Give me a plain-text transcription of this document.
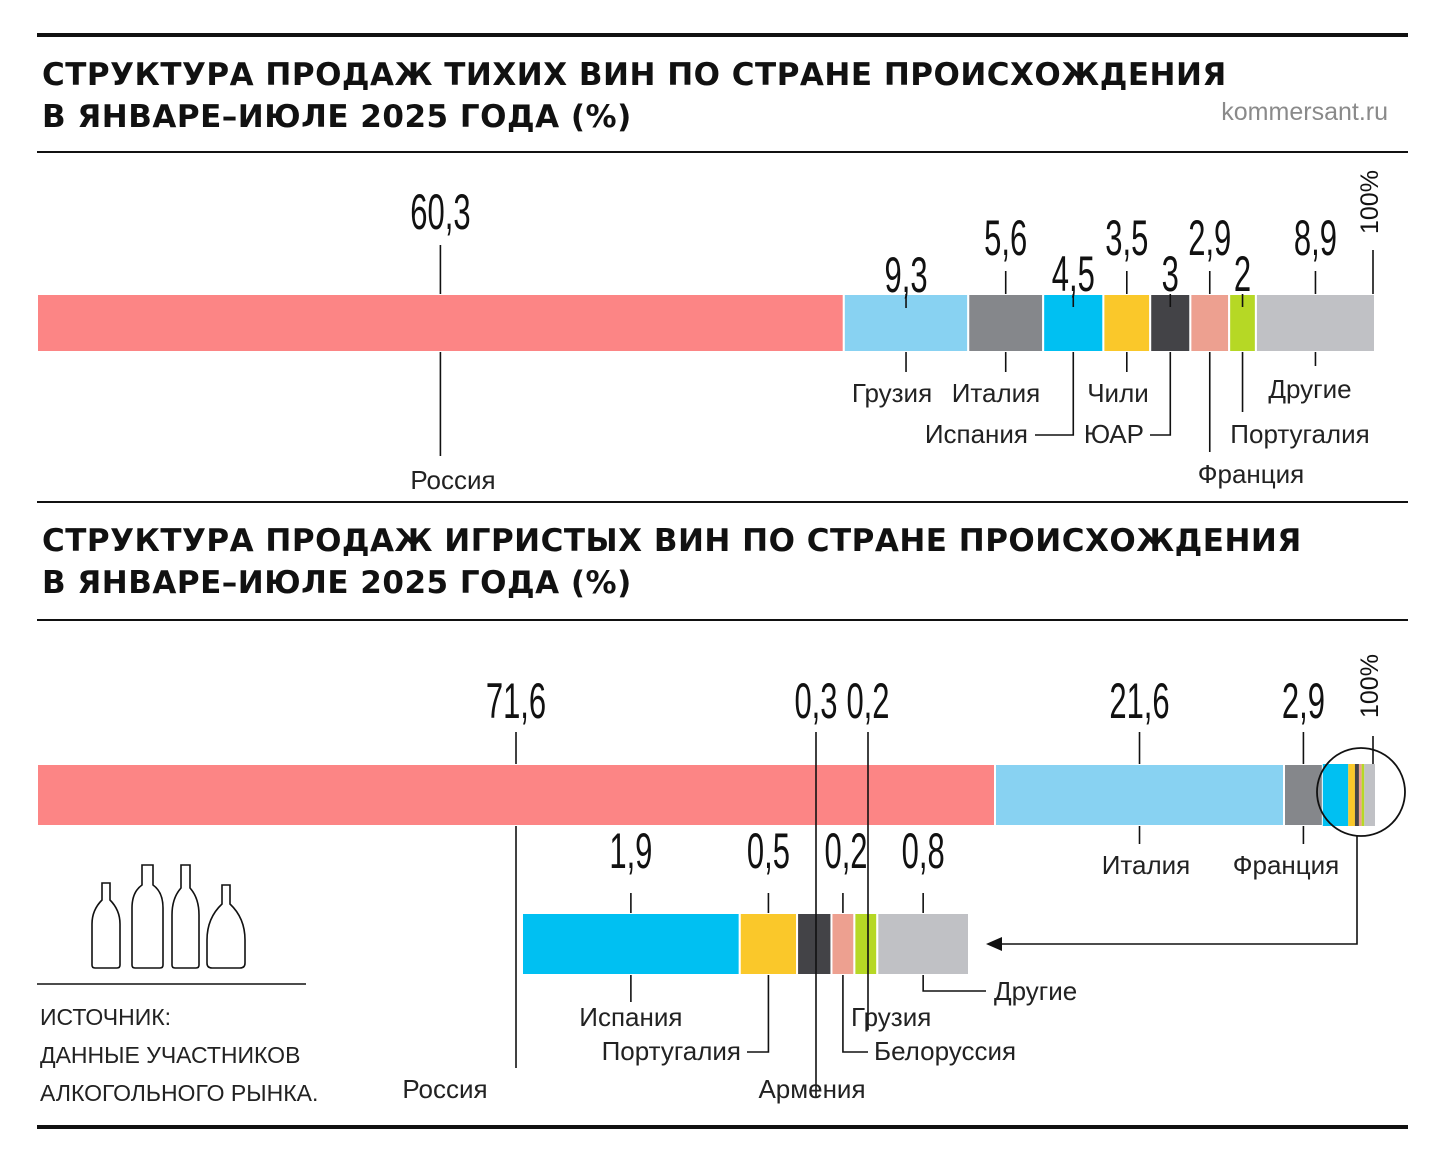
СТРУКТУРА ПРОДАЖ ТИХИХ ВИН ПО СТРАНЕ ПРОИСХОЖДЕНИЯ
В ЯНВАРЕ–ИЮЛЕ 2025 ГОДА (%)	kommersant.ru
60,3
9,3
5,6
4,5
3,5
3
2,9
2
8,9
100%
Россия
Грузия Италия
Испания
Чили
ЮАР
Франция
Португалия
Другие
СТРУКТУРА ПРОДАЖ ИГРИСТЫХ ВИН ПО СТРАНЕ ПРОИСХОЖДЕНИЯ
В ЯНВАРЕ–ИЮЛЕ 2025 ГОДА (%)
71,6	21,6 2,9 100%
Россия
Италия Франция
1,9 0,5
0,3
0,2
0,2
0,8
Испания
Португалия
Армения
Белоруссия
Грузия
Другие
ИСТОЧНИК:
ДАННЫЕ УЧАСТНИКОВ
АЛКОГОЛЬНОГО РЫНКА.
